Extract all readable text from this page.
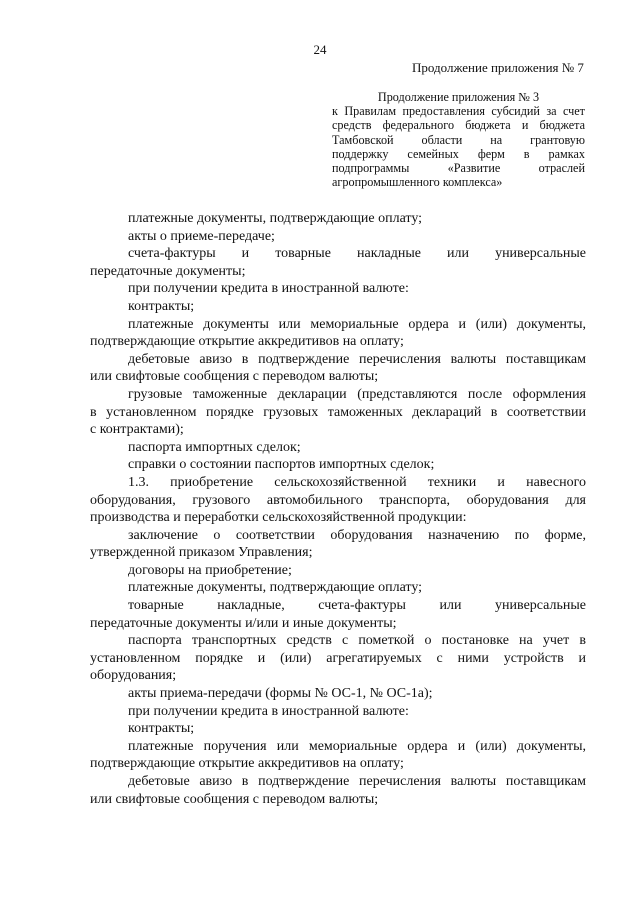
24
Продолжение приложения № 7
Продолжение приложения № 3
к Правилам предоставления субсидий за счет
средств федерального бюджета и бюджета
Тамбовской области на грантовую
поддержку семейных ферм в рамках
подпрограммы «Развитие отраслей
агропромышленного комплекса»
платежные документы, подтверждающие оплату;
акты о приеме-передаче;
счета-фактуры и товарные накладные или универсальные
передаточные документы;
при получении кредита в иностранной валюте:
контракты;
платежные документы или мемориальные ордера и (или) документы,
подтверждающие открытие аккредитивов на оплату;
дебетовые авизо в подтверждение перечисления валюты поставщикам
или свифтовые сообщения с переводом валюты;
грузовые таможенные декларации (представляются после оформления
в установленном порядке грузовых таможенных деклараций в соответствии
с контрактами);
паспорта импортных сделок;
справки о состоянии паспортов импортных сделок;
1.3. приобретение сельскохозяйственной техники и навесного
оборудования, грузового автомобильного транспорта, оборудования для
производства и переработки сельскохозяйственной продукции:
заключение о соответствии оборудования назначению по форме,
утвержденной приказом Управления;
договоры на приобретение;
платежные документы, подтверждающие оплату;
товарные накладные, счета-фактуры или универсальные
передаточные документы и/или и иные документы;
паспорта транспортных средств с пометкой о постановке на учет в
установленном порядке и (или) агрегатируемых с ними устройств и
оборудования;
акты приема-передачи (формы № ОС-1, № ОС-1а);
при получении кредита в иностранной валюте:
контракты;
платежные поручения или мемориальные ордера и (или) документы,
подтверждающие открытие аккредитивов на оплату;
дебетовые авизо в подтверждение перечисления валюты поставщикам
или свифтовые сообщения с переводом валюты;
